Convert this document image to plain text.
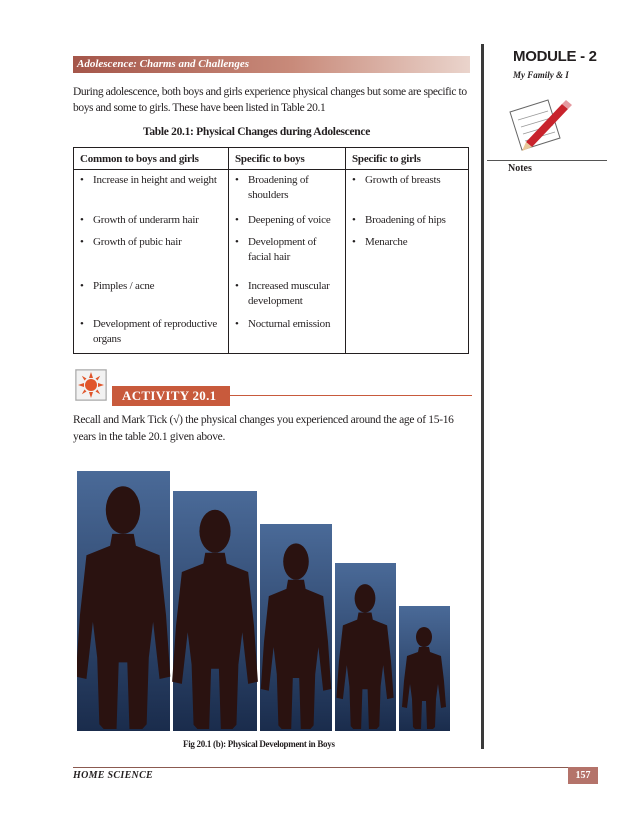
Adolescence: Charms and Challenges	MODULE - 2
My Family & I
Notes

During adolescence, both boys and girls experience physical changes but some are specific to boys and some to girls. These have been listed in Table 20.1

Table 20.1: Physical Changes during Adolescence
Common to boys and girls	Specific to boys	Specific to girls

• Increase in height and weight	• Broadening of shoulders	• Growth of breasts

• Growth of underarm hair	• Deepening of voice	• Broadening of hips

• Growth of pubic hair	• Development of facial hair	• Menarche

• Pimples / acne	• Increased muscular development	

• Development of reproductive organs	• Nocturnal emission	

ACTIVITY 20.1

Recall and Mark Tick (√) the physical changes you experienced around the age of 15-16 years in the table 20.1 given above.

Fig 20.1 (b): Physical Development in Boys
HOME SCIENCE	157
